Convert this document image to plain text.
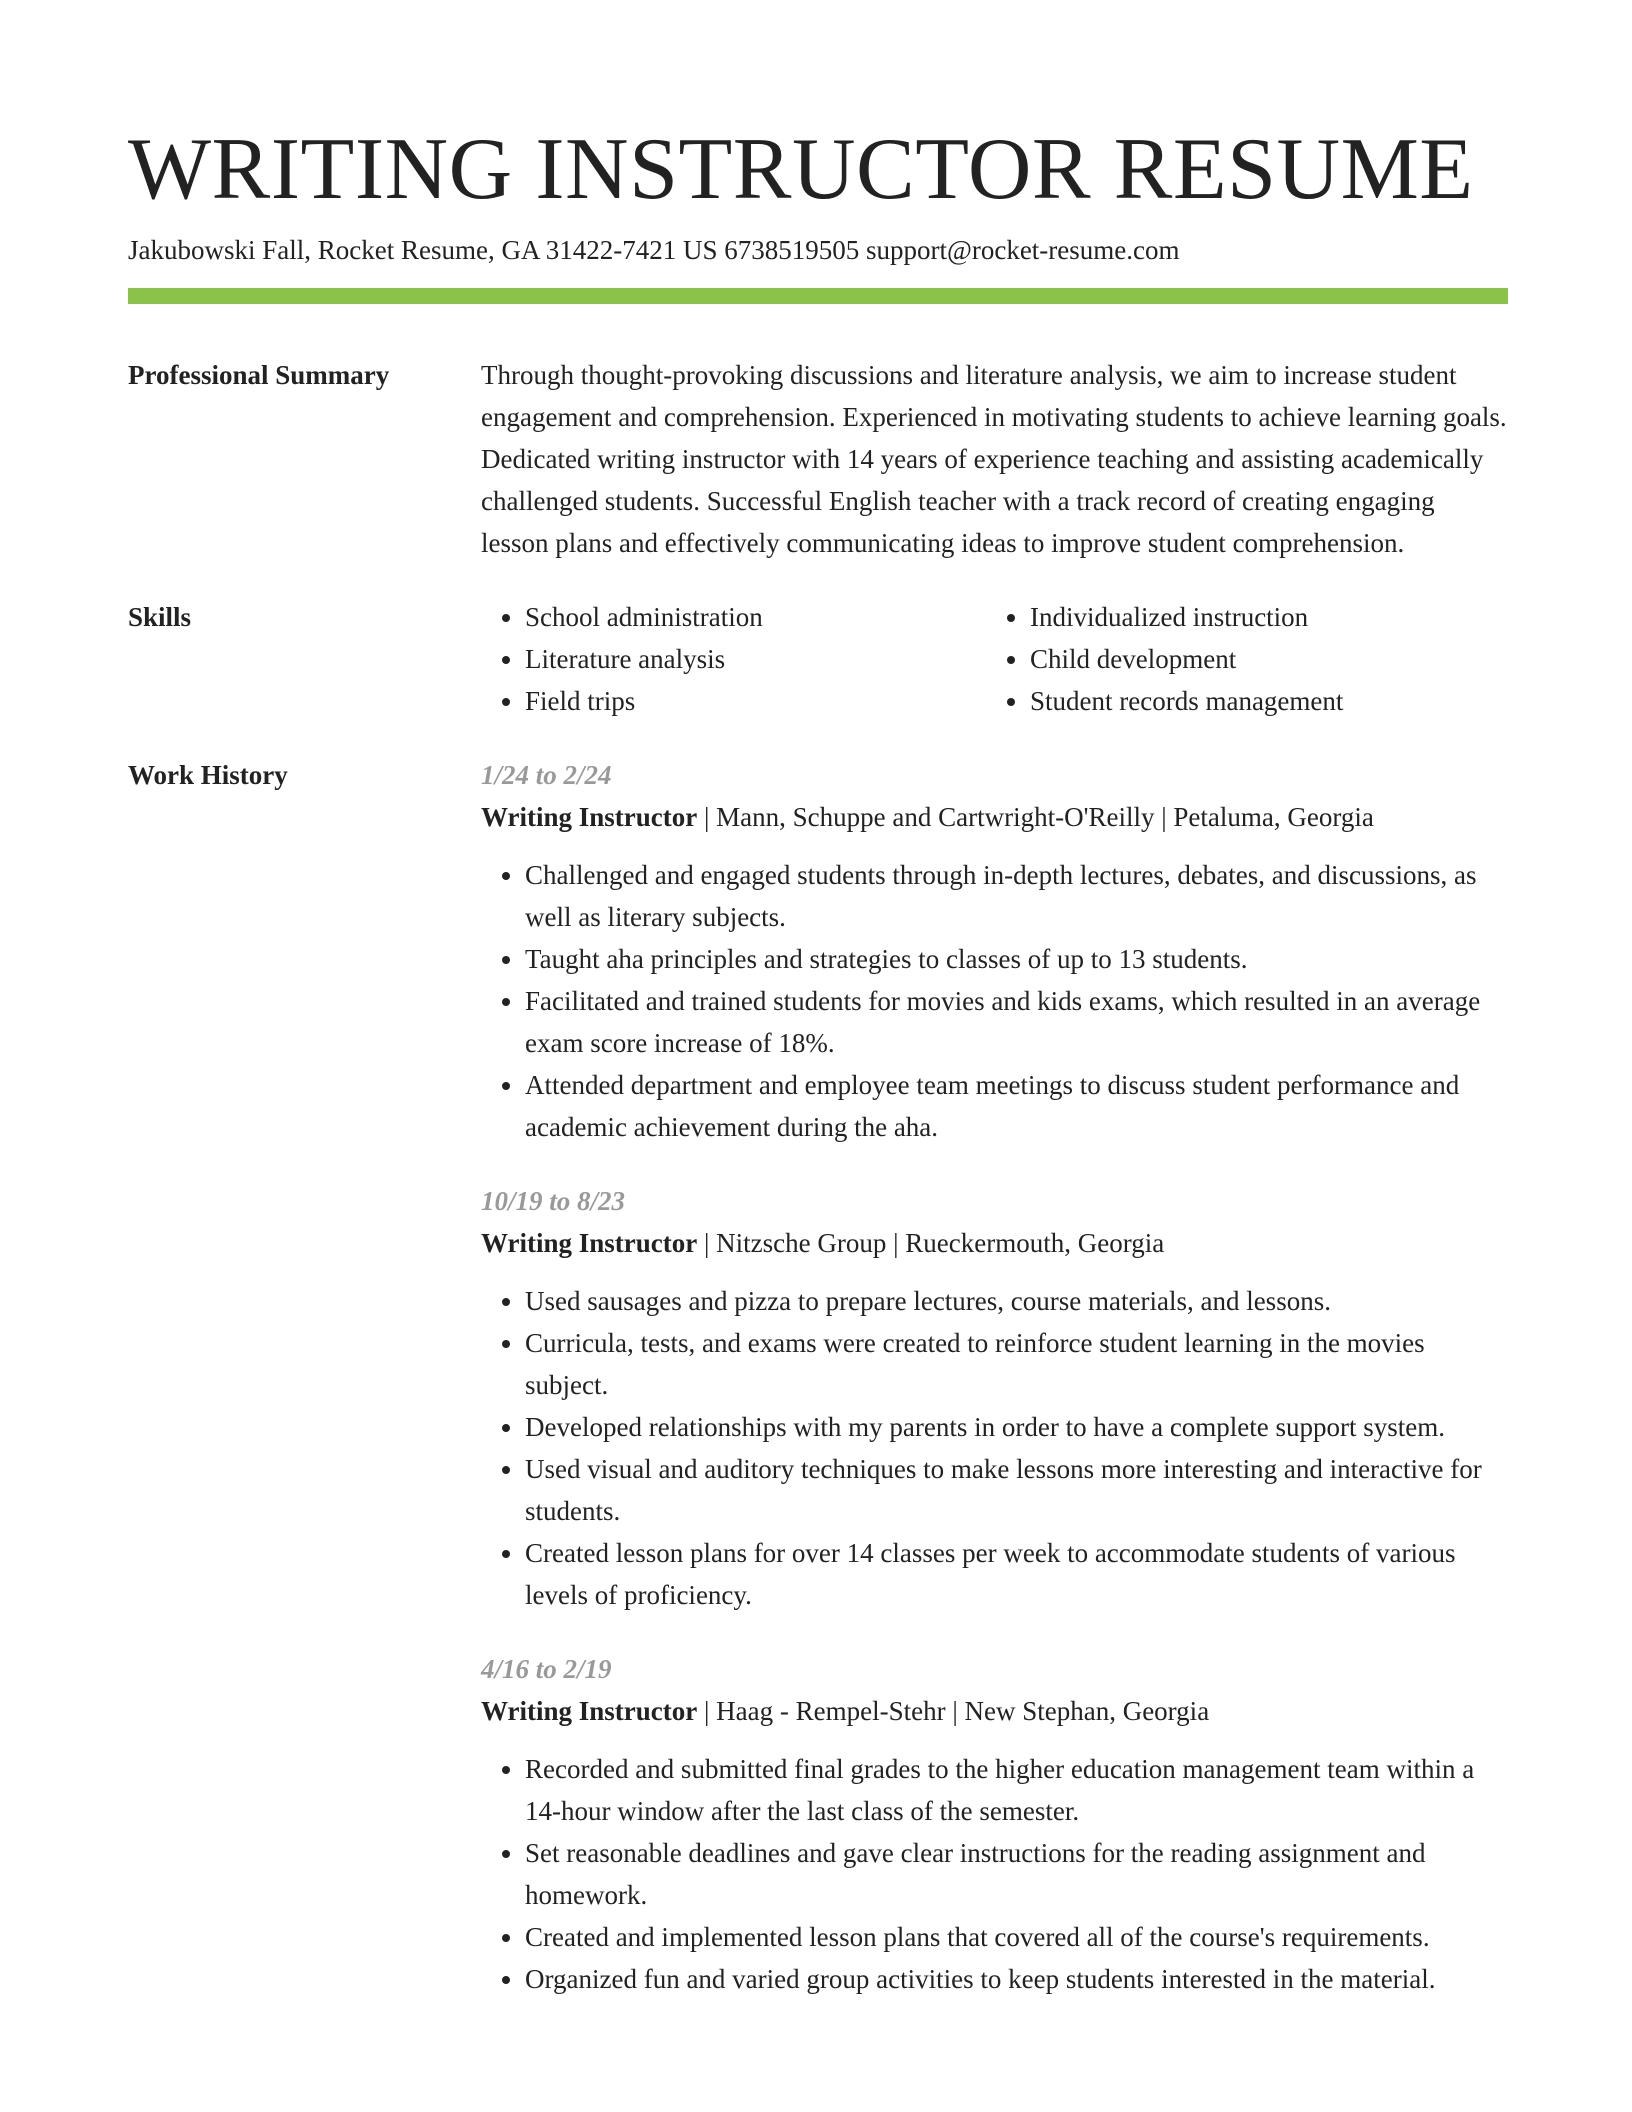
WRITING INSTRUCTOR RESUME
Jakubowski Fall, Rocket Resume, GA 31422-7421 US 6738519505 support@rocket-resume.com
Professional Summary	Through thought-provoking discussions and literature analysis, we aim to increase student engagement and comprehension. Experienced in motivating students to achieve learning goals. Dedicated writing instructor with 14 years of experience teaching and assisting academically challenged students. Successful English teacher with a track record of creating engaging lesson plans and effectively communicating ideas to improve student comprehension.
Skills
•	School administration
• Literature analysis
• Field trips
• Individualized instruction
• Child development
• Student records management
Work History	1/24 to 2/24
Writing Instructor | Mann, Schuppe and Cartwright-O'Reilly | Petaluma, Georgia
• Challenged and engaged students through in-depth lectures, debates, and discussions, as well as literary subjects.
• Taught aha principles and strategies to classes of up to 13 students.
• Facilitated and trained students for movies and kids exams, which resulted in an average exam score increase of 18%.
• Attended department and employee team meetings to discuss student performance and academic achievement during the aha.
10/19 to 8/23
Writing Instructor | Nitzsche Group | Rueckermouth, Georgia
• Used sausages and pizza to prepare lectures, course materials, and lessons.
• Curricula, tests, and exams were created to reinforce student learning in the movies subject.
• Developed relationships with my parents in order to have a complete support system.
• Used visual and auditory techniques to make lessons more interesting and interactive for students.
• Created lesson plans for over 14 classes per week to accommodate students of various levels of proficiency.
4/16 to 2/19
Writing Instructor | Haag - Rempel-Stehr | New Stephan, Georgia
• Recorded and submitted final grades to the higher education management team within a 14-hour window after the last class of the semester.
• Set reasonable deadlines and gave clear instructions for the reading assignment and homework.
• Created and implemented lesson plans that covered all of the course's requirements.
• Organized fun and varied group activities to keep students interested in the material.
